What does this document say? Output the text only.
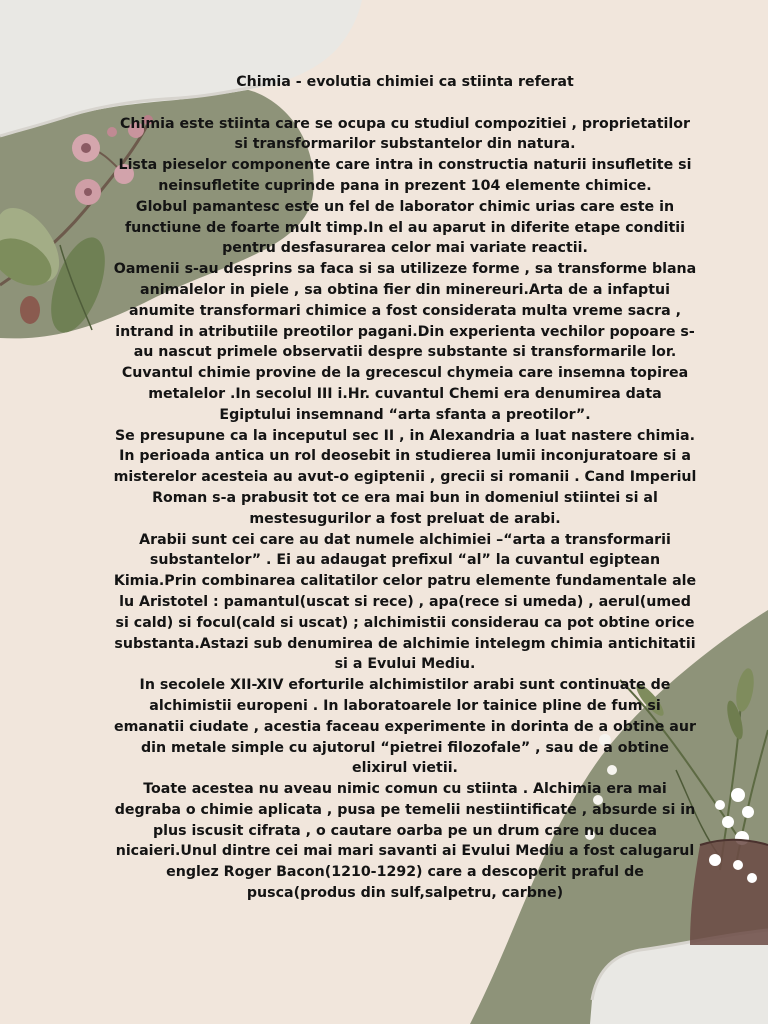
Chimia - evolutia chimiei ca stiinta referat

Chimia este stiinta care se ocupa cu studiul compozitiei , proprietatilor si transformarilor substantelor din natura.

Lista pieselor componente care intra in constructia naturii insufletite si neinsufletite cuprinde pana in prezent 104 elemente chimice.

Globul pamantesc este un fel de laborator chimic urias care este in functiune de foarte mult timp.In el au aparut in diferite etape conditii pentru desfasurarea celor mai variate reactii.

Oamenii s-au desprins sa faca si sa utilizeze forme , sa transforme blana animalelor in piele , sa obtina fier din minereuri.Arta de a infaptui anumite transformari chimice a fost considerata multa vreme sacra , intrand in atributiile preotilor pagani.Din experienta vechilor popoare s-au nascut primele observatii despre substante si transformarile lor.

Cuvantul chimie provine de la grecescul chymeia care insemna topirea metalelor .In secolul III i.Hr. cuvantul Chemi era denumirea data Egiptului insemnand “arta sfanta a preotilor”.

Se presupune ca la inceputul sec II , in Alexandria a luat nastere chimia.

In perioada antica un rol deosebit in studierea lumii inconjuratoare si a misterelor acesteia au avut-o egiptenii , grecii si romanii . Cand Imperiul Roman s-a prabusit tot ce era mai bun in domeniul stiintei si al mestesugurilor a fost preluat de arabi.

Arabii sunt cei care au dat numele alchimiei –“arta a transformarii substantelor” . Ei au adaugat prefixul “al” la cuvantul egiptean Kimia.Prin combinarea calitatilor celor patru elemente fundamentale ale lu Aristotel : pamantul(uscat si rece) , apa(rece si umeda) , aerul(umed si cald) si focul(cald si uscat) ; alchimistii considerau ca pot obtine orice substanta.Astazi sub denumirea de alchimie intelegm chimia antichitatii si a Evului Mediu.

In secolele XII-XIV eforturile alchimistilor arabi sunt continuate de alchimistii europeni . In laboratoarele lor tainice pline de fum si emanatii ciudate , acestia faceau experimente in dorinta de a obtine aur din metale simple cu ajutorul “pietrei filozofale” , sau de a obtine elixirul vietii.

Toate acestea nu aveau nimic comun cu stiinta . Alchimia era mai degraba o chimie aplicata , pusa pe temelii nestiintificate , absurde si in plus iscusit cifrata , o cautare oarba pe un drum care nu ducea nicaieri.Unul dintre cei mai mari savanti ai Evului Mediu a fost calugarul englez Roger Bacon(1210-1292) care a descoperit praful de pusca(produs din sulf,salpetru, carbne)
